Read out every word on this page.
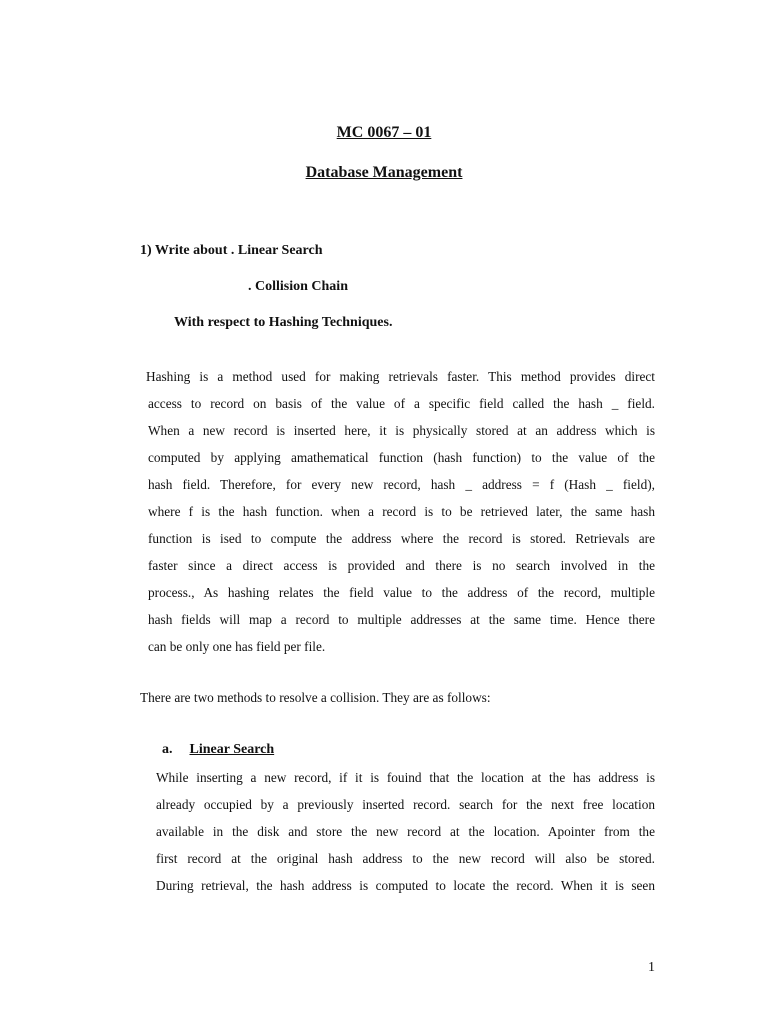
MC 0067 – 01
Database Management
1) Write about . Linear Search
. Collision Chain
With respect to Hashing Techniques.
Hashing is a method used for making retrievals faster. This method provides direct
access to record on basis of the value of a specific field called the hash _ field.
When a new record is inserted here, it is physically stored at an address which is
computed by applying amathematical function (hash function) to the value of the
hash field. Therefore, for every new record, hash _ address = f (Hash _ field),
where f is the hash function. when a record is to be retrieved later, the same hash
function is ised to compute the address where the record is stored. Retrievals are
faster since a direct access is provided and there is no search involved in the
process., As hashing relates the field value to the address of the record, multiple
hash fields will map a record to multiple addresses at the same time. Hence there
can be only one has field per file.
There are two methods to resolve a collision. They are as follows:
a. Linear Search
While inserting a new record, if it is fouind that the location at the has address is
already occupied by a previously inserted record. search for the next free location
available in the disk and store the new record at the location. Apointer from the
first record at the original hash address to the new record will also be stored.
During retrieval, the hash address is computed to locate the record. When it is seen
1
